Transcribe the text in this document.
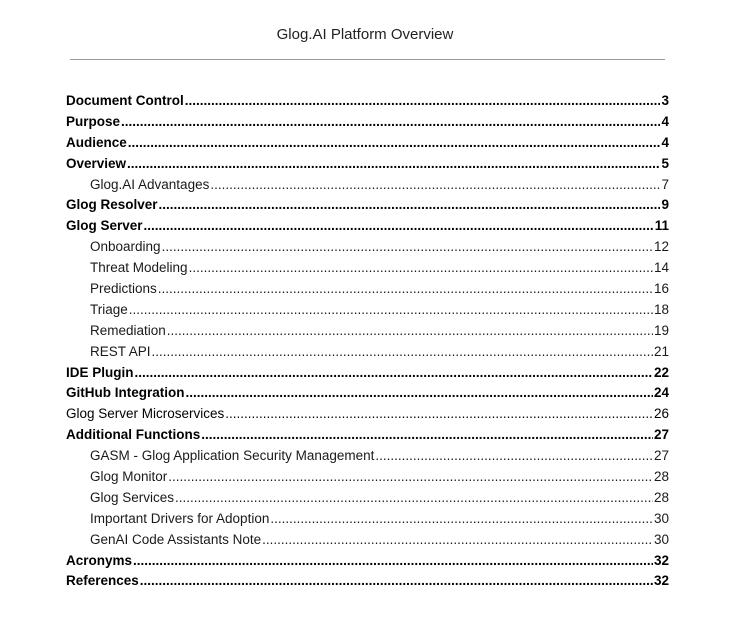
Glog.AI Platform Overview
Document Control .....	3
Purpose .....	4
Audience .....	4
Overview .....	5
Glog.AI Advantages .....	7
Glog Resolver .....	9
Glog Server .....	11
Onboarding .....	12
Threat Modeling .....	14
Predictions .....	16
Triage .....	18
Remediation .....	19
REST API .....	21
IDE Plugin .....	22
GitHub Integration .....	24
Glog Server Microservices .....	26
Additional Functions .....	27
GASM - Glog Application Security Management .....	27
Glog Monitor .....	28
Glog Services .....	28
Important Drivers for Adoption .....	30
GenAI Code Assistants Note .....	30
Acronyms .....	32
References .....	32
